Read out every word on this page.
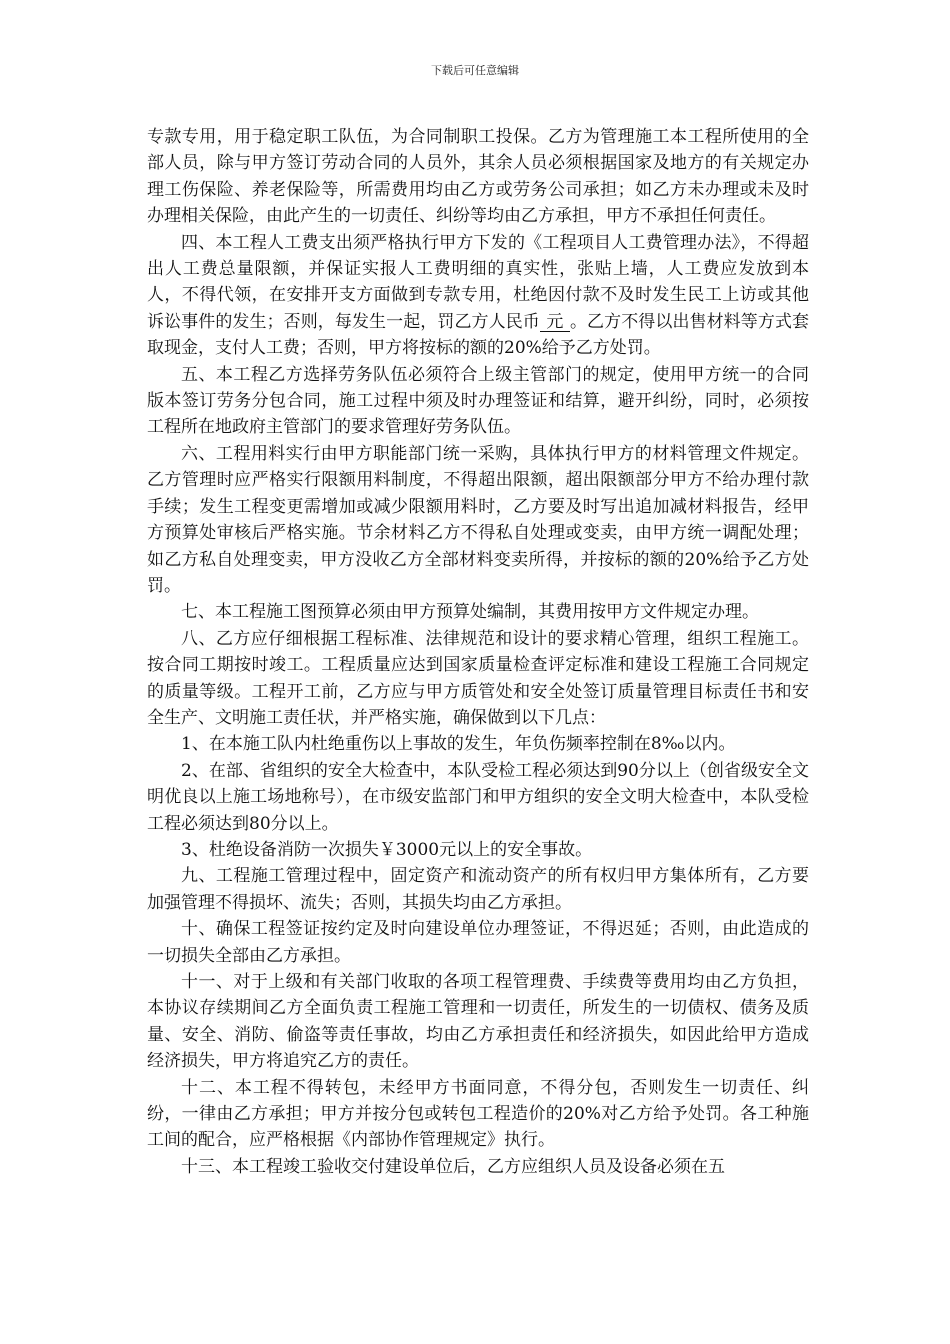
下载后可任意编辑

专款专用，用于稳定职工队伍，为合同制职工投保。乙方为管理施工本工程所使用的全部人员，除与甲方签订劳动合同的人员外，其余人员必须根据国家及地方的有关规定办理工伤保险、养老保险等，所需费用均由乙方或劳务公司承担；如乙方未办理或未及时办理相关保险，由此产生的一切责任、纠纷等均由乙方承担，甲方不承担任何责任。

四、本工程人工费支出须严格执行甲方下发的《工程项目人工费管理办法》，不得超出人工费总量限额，并保证实报人工费明细的真实性，张贴上墙，人工费应发放到本人，不得代领，在安排开支方面做到专款专用，杜绝因付款不及时发生民工上访或其他诉讼事件的发生；否则，每发生一起，罚乙方人民币 元 。乙方不得以出售材料等方式套取现金，支付人工费；否则，甲方将按标的额的20%给予乙方处罚。

五、本工程乙方选择劳务队伍必须符合上级主管部门的规定，使用甲方统一的合同版本签订劳务分包合同，施工过程中须及时办理签证和结算，避开纠纷，同时，必须按工程所在地政府主管部门的要求管理好劳务队伍。

六、工程用料实行由甲方职能部门统一采购，具体执行甲方的材料管理文件规定。乙方管理时应严格实行限额用料制度，不得超出限额，超出限额部分甲方不给办理付款手续；发生工程变更需增加或减少限额用料时，乙方要及时写出追加减材料报告，经甲方预算处审核后严格实施。节余材料乙方不得私自处理或变卖，由甲方统一调配处理；如乙方私自处理变卖，甲方没收乙方全部材料变卖所得，并按标的额的20%给予乙方处罚。

七、本工程施工图预算必须由甲方预算处编制，其费用按甲方文件规定办理。

八、乙方应仔细根据工程标准、法律规范和设计的要求精心管理，组织工程施工。按合同工期按时竣工。工程质量应达到国家质量检查评定标准和建设工程施工合同规定的质量等级。工程开工前，乙方应与甲方质管处和安全处签订质量管理目标责任书和安全生产、文明施工责任状，并严格实施，确保做到以下几点：

1、在本施工队内杜绝重伤以上事故的发生，年负伤频率控制在8‰以内。

2、在部、省组织的安全大检查中，本队受检工程必须达到90分以上（创省级安全文明优良以上施工场地称号），在市级安监部门和甲方组织的安全文明大检查中，本队受检工程必须达到80分以上。

3、杜绝设备消防一次损失￥3000元以上的安全事故。

九、工程施工管理过程中，固定资产和流动资产的所有权归甲方集体所有，乙方要加强管理不得损坏、流失；否则，其损失均由乙方承担。

十、确保工程签证按约定及时向建设单位办理签证，不得迟延；否则，由此造成的一切损失全部由乙方承担。

十一、对于上级和有关部门收取的各项工程管理费、手续费等费用均由乙方负担，本协议存续期间乙方全面负责工程施工管理和一切责任，所发生的一切债权、债务及质量、安全、消防、偷盗等责任事故，均由乙方承担责任和经济损失，如因此给甲方造成经济损失，甲方将追究乙方的责任。

十二、本工程不得转包，未经甲方书面同意，不得分包，否则发生一切责任、纠纷，一律由乙方承担；甲方并按分包或转包工程造价的20%对乙方给予处罚。各工种施工间的配合，应严格根据《内部协作管理规定》执行。

十三、本工程竣工验收交付建设单位后，乙方应组织人员及设备必须在五
